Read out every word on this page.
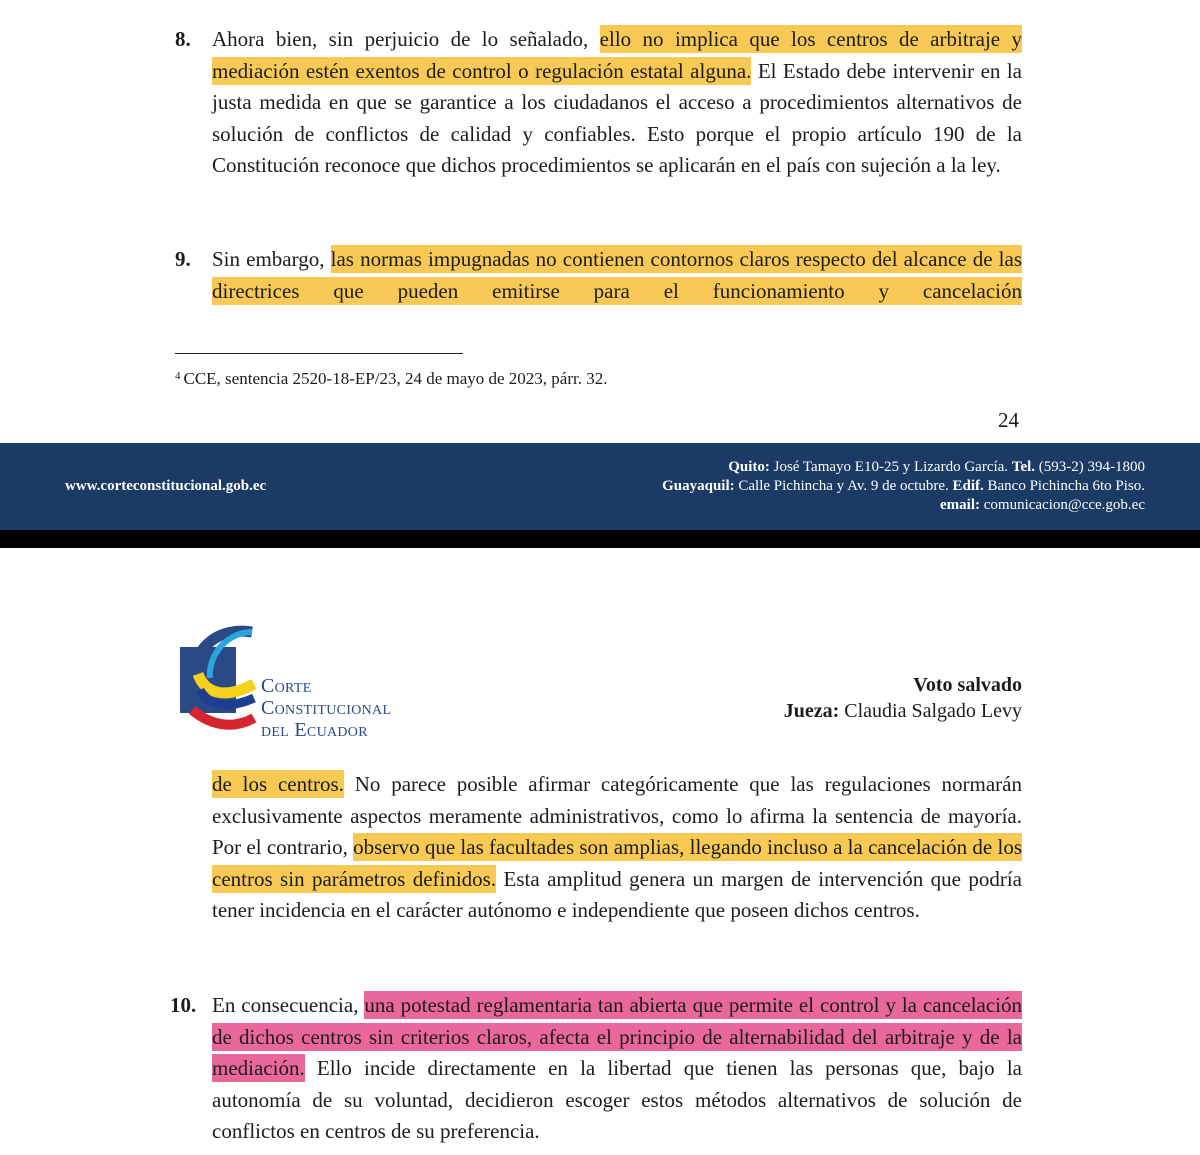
8. Ahora bien, sin perjuicio de lo señalado, ello no implica que los centros de arbitraje y mediación estén exentos de control o regulación estatal alguna. El Estado debe intervenir en la justa medida en que se garantice a los ciudadanos el acceso a procedimientos alternativos de solución de conflictos de calidad y confiables. Esto porque el propio artículo 190 de la Constitución reconoce que dichos procedimientos se aplicarán en el país con sujeción a la ley.
9. Sin embargo, las normas impugnadas no contienen contornos claros respecto del alcance de las directrices que pueden emitirse para el funcionamiento y cancelación
$^4$ CCE, sentencia 2520-18-EP/23, 24 de mayo de 2023, párr. 32.
24
www.corteconstitucional.gob.ec
Quito: José Tamayo E10-25 y Lizardo García. Tel. (593-2) 394-1800
Guayaquil: Calle Pichincha y Av. 9 de octubre. Edif. Banco Pichincha 6to Piso.
email: comunicacion@cce.gob.ec
Corte
Constitucional
del Ecuador
Voto salvado
Jueza: Claudia Salgado Levy
de los centros. No parece posible afirmar categóricamente que las regulaciones normarán exclusivamente aspectos meramente administrativos, como lo afirma la sentencia de mayoría. Por el contrario, observo que las facultades son amplias, llegando incluso a la cancelación de los centros sin parámetros definidos. Esta amplitud genera un margen de intervención que podría tener incidencia en el carácter autónomo e independiente que poseen dichos centros.
10. En consecuencia, una potestad reglamentaria tan abierta que permite el control y la cancelación de dichos centros sin criterios claros, afecta el principio de alternabilidad del arbitraje y de la mediación. Ello incide directamente en la libertad que tienen las personas que, bajo la autonomía de su voluntad, decidieron escoger estos métodos alternativos de solución de conflictos en centros de su preferencia.
